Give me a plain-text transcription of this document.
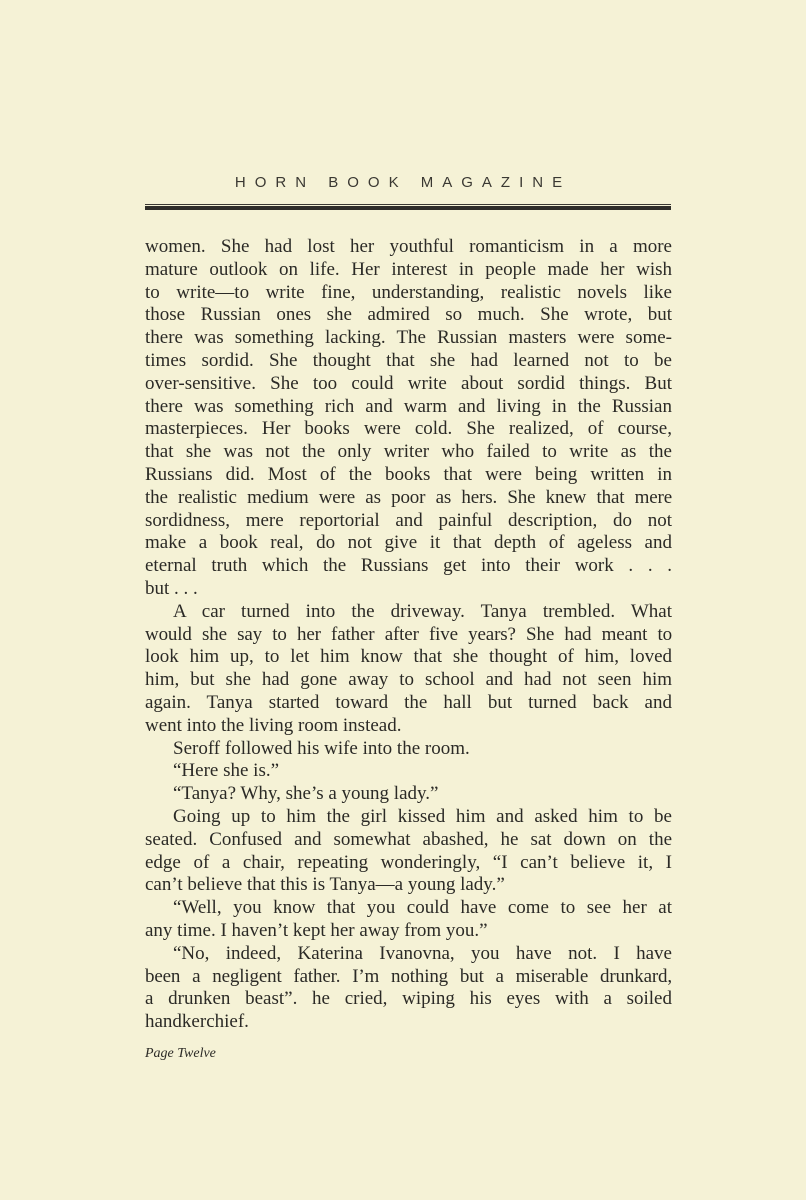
HORN BOOK MAGAZINE
women. She had lost her youthful romanticism in a more
mature outlook on life. Her interest in people made her wish
to write—to write fine, understanding, realistic novels like
those Russian ones she admired so much. She wrote, but
there was something lacking. The Russian masters were some-
times sordid. She thought that she had learned not to be
over-sensitive. She too could write about sordid things. But
there was something rich and warm and living in the Russian
masterpieces. Her books were cold. She realized, of course,
that she was not the only writer who failed to write as the
Russians did. Most of the books that were being written in
the realistic medium were as poor as hers. She knew that mere
sordidness, mere reportorial and painful description, do not
make a book real, do not give it that depth of ageless and
eternal truth which the Russians get into their work . . .
but . . .
A car turned into the driveway. Tanya trembled. What
would she say to her father after five years? She had meant to
look him up, to let him know that she thought of him, loved
him, but she had gone away to school and had not seen him
again. Tanya started toward the hall but turned back and
went into the living room instead.
Seroff followed his wife into the room.
“Here she is.”
“Tanya? Why, she’s a young lady.”
Going up to him the girl kissed him and asked him to be
seated. Confused and somewhat abashed, he sat down on the
edge of a chair, repeating wonderingly, “I can’t believe it, I
can’t believe that this is Tanya—a young lady.”
“Well, you know that you could have come to see her at
any time. I haven’t kept her away from you.”
“No, indeed, Katerina Ivanovna, you have not. I have
been a negligent father. I’m nothing but a miserable drunkard,
a drunken beast”. he cried, wiping his eyes with a soiled
handkerchief.
Page Twelve
